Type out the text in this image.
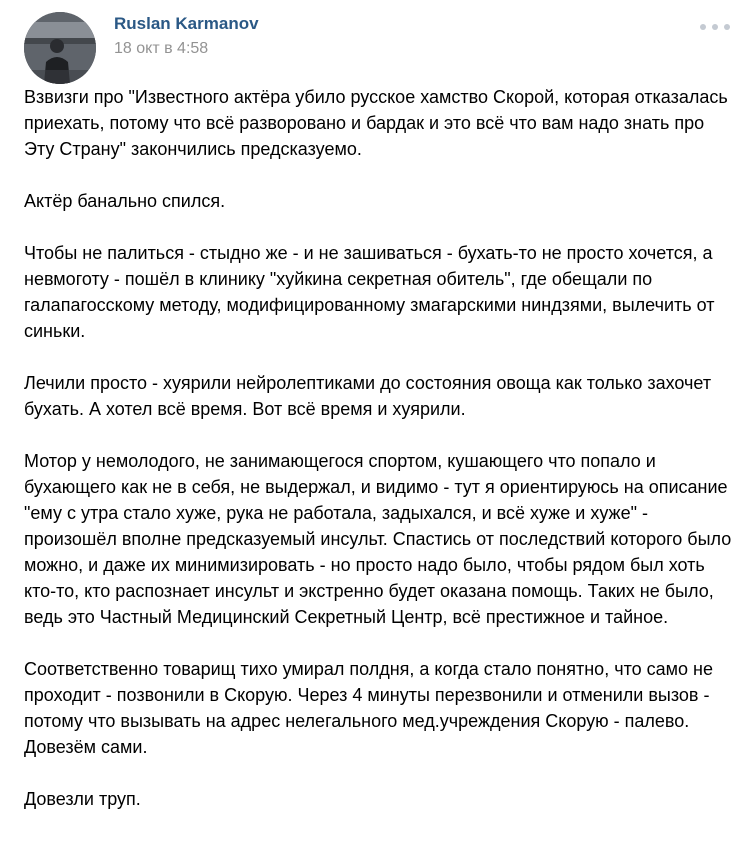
Ruslan Karmanov
18 окт в 4:58

Взвизги про "Известного актёра убило русское хамство Скорой, которая отказалась приехать, потому что всё разворовано и бардак и это всё что вам надо знать про Эту Страну" закончились предсказуемо.

Актёр банально спился.

Чтобы не палиться - стыдно же - и не зашиваться - бухать-то не просто хочется, а невмоготу - пошёл в клинику "хуйкина секретная обитель", где обещали по галапагосскому методу, модифицированному змагарскими ниндзями, вылечить от синьки.

Лечили просто - хуярили нейролептиками до состояния овоща как только захочет бухать. А хотел всё время. Вот всё время и хуярили.

Мотор у немолодого, не занимающегося спортом, кушающего что попало и бухающего как не в себя, не выдержал, и видимо - тут я ориентируюсь на описание "ему с утра стало хуже, рука не работала, задыхался, и всё хуже и хуже" - произошёл вполне предсказуемый инсульт. Спастись от последствий которого было можно, и даже их минимизировать - но просто надо было, чтобы рядом был хоть кто-то, кто распознает инсульт и экстренно будет оказана помощь. Таких не было, ведь это Частный Медицинский Секретный Центр, всё престижное и тайное.

Соответственно товарищ тихо умирал полдня, а когда стало понятно, что само не проходит - позвонили в Скорую. Через 4 минуты перезвонили и отменили вызов - потому что вызывать на адрес нелегального мед.учреждения Скорую - палево. Довезём сами.

Довезли труп.
